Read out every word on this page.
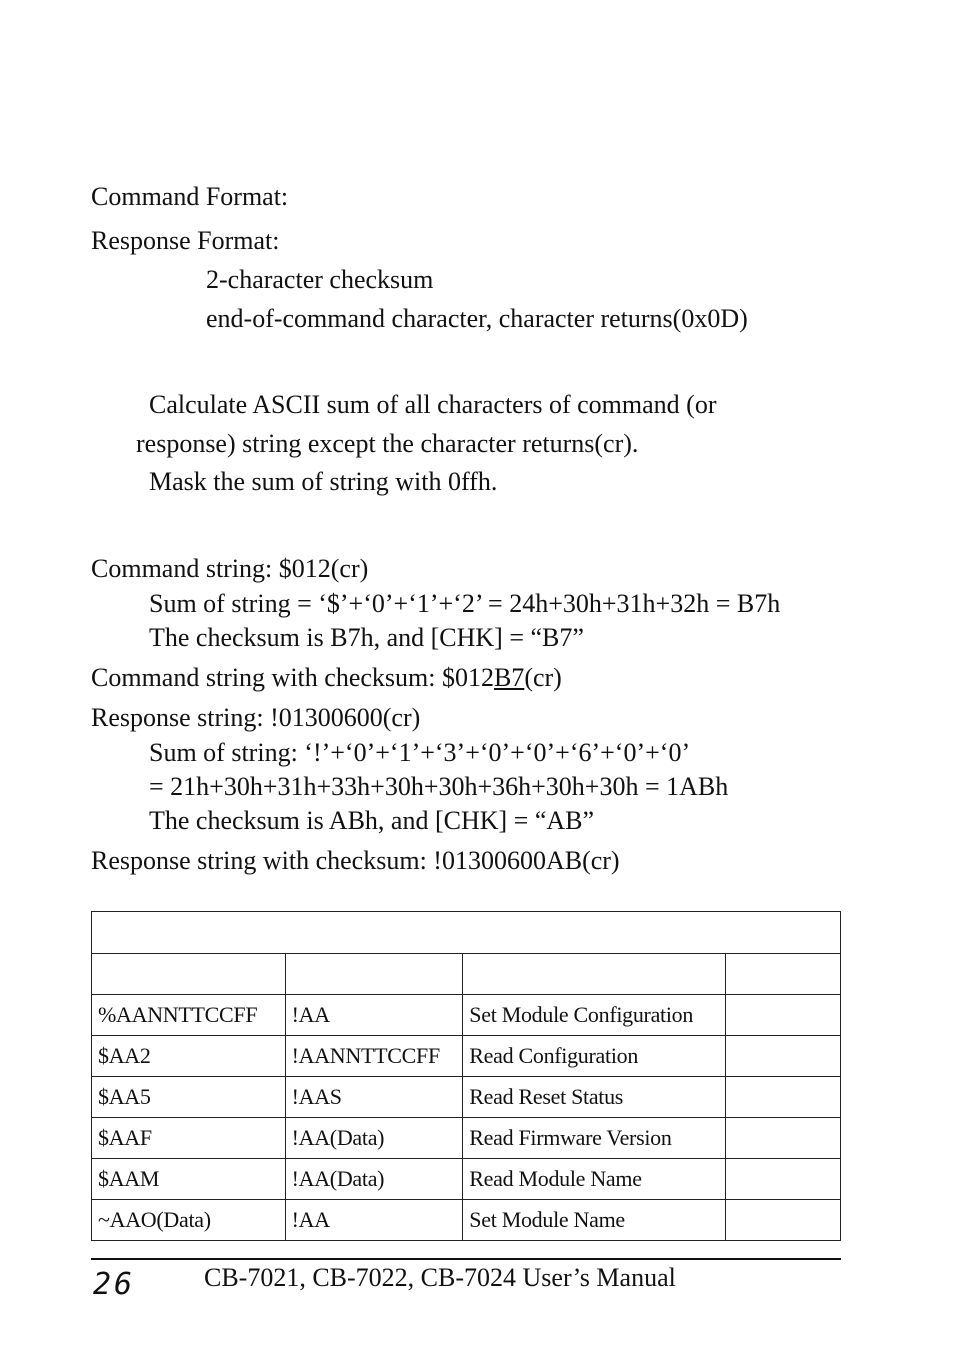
Command Format:
Response Format:
2-character checksum
end-of-command character, character returns(0x0D)
Calculate ASCII sum of all characters of command (or
response) string except the character returns(cr).
Mask the sum of string with 0ffh.
Command string: $012(cr)
Sum of string = ‘$’+‘0’+‘1’+‘2’ = 24h+30h+31h+32h = B7h
The checksum is B7h, and [CHK] = “B7”
Command string with checksum: $012B7(cr)
Response string: !01300600(cr)
Sum of string: ‘!’+‘0’+‘1’+‘3’+‘0’+‘0’+‘6’+‘0’+‘0’
= 21h+30h+31h+33h+30h+30h+36h+30h+30h = 1ABh
The checksum is ABh, and [CHK] = “AB”
Response string with checksum: !01300600AB(cr)

%AANNTTCCFF	!AA	Set Module Configuration	
$AA2	!AANNTTCCFF	Read Configuration	
$AA5	!AAS	Read Reset Status	
$AAF	!AA(Data)	Read Firmware Version	
$AAM	!AA(Data)	Read Module Name	
~AAO(Data)	!AA	Set Module Name	
26	CB-7021, CB-7022, CB-7024 User’s Manual
